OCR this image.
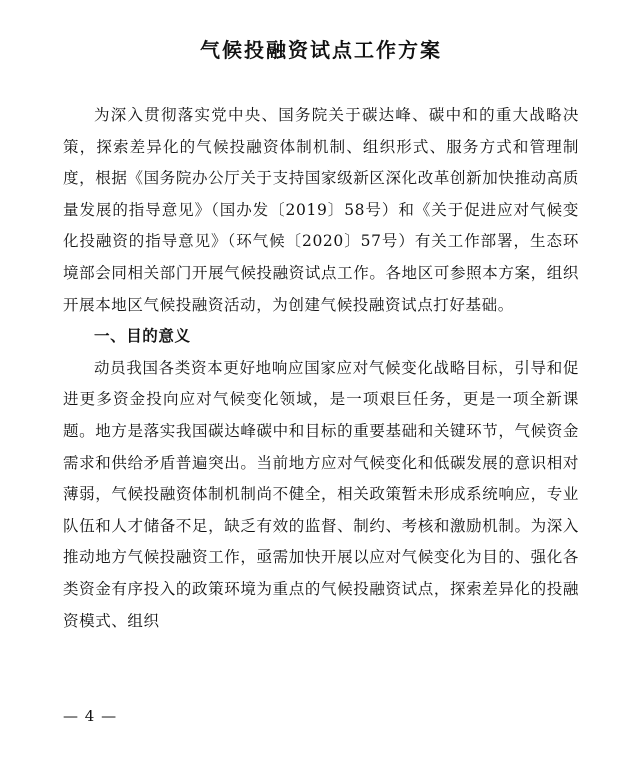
气候投融资试点工作方案

为深入贯彻落实党中央、国务院关于碳达峰、碳中和的重大战略决策，探索差异化的气候投融资体制机制、组织形式、服务方式和管理制度，根据《国务院办公厅关于支持国家级新区深化改革创新加快推动高质量发展的指导意见》（国办发〔2019〕58号）和《关于促进应对气候变化投融资的指导意见》（环气候〔2020〕57号）有关工作部署，生态环境部会同相关部门开展气候投融资试点工作。各地区可参照本方案，组织开展本地区气候投融资活动，为创建气候投融资试点打好基础。

一、目的意义

动员我国各类资本更好地响应国家应对气候变化战略目标，引导和促进更多资金投向应对气候变化领域，是一项艰巨任务，更是一项全新课题。地方是落实我国碳达峰碳中和目标的重要基础和关键环节，气候资金需求和供给矛盾普遍突出。当前地方应对气候变化和低碳发展的意识相对薄弱，气候投融资体制机制尚不健全，相关政策暂未形成系统响应，专业队伍和人才储备不足，缺乏有效的监督、制约、考核和激励机制。为深入推动地方气候投融资工作，亟需加快开展以应对气候变化为目的、强化各类资金有序投入的政策环境为重点的气候投融资试点，探索差异化的投融资模式、组织

— 4 —
